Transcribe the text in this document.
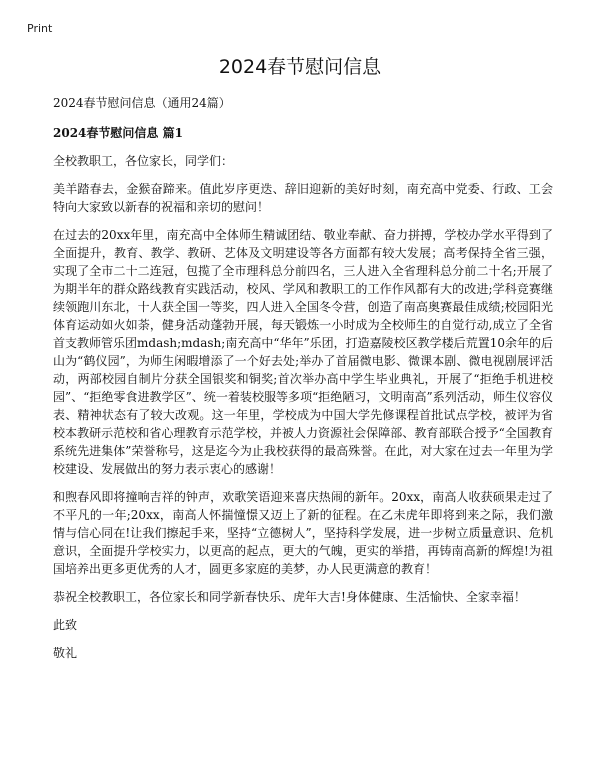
Print
2024春节慰问信息

2024春节慰问信息（通用24篇）

2024春节慰问信息 篇1

全校教职工，各位家长，同学们：

美羊踏春去，金猴奋蹄来。值此岁序更迭、辞旧迎新的美好时刻，南充高中党委、行政、工会特向大家致以新春的祝福和亲切的慰问！

在过去的20xx年里，南充高中全体师生精诚团结、敬业奉献、奋力拼搏，学校办学水平得到了全面提升，教育、教学、教研、艺体及文明建设等各方面都有较大发展；高考保持全省三强，实现了全市二十二连冠，包揽了全市理科总分前四名，三人进入全省理科总分前二十名;开展了为期半年的群众路线教育实践活动，校风、学风和教职工的工作作风都有大的改进;学科竞赛继续领跑川东北，十人获全国一等奖，四人进入全国冬令营，创造了南高奥赛最佳成绩;校园阳光体育运动如火如荼，健身活动蓬勃开展，每天锻炼一小时成为全校师生的自觉行动,成立了全省首支教师管乐团mdash;mdash;南充高中“华年”乐团，打造嘉陵校区教学楼后荒置10余年的后山为“鹤仪园”，为师生闲暇增添了一个好去处;举办了首届微电影、微课本剧、微电视剧展评活动，两部校园自制片分获全国银奖和铜奖;首次举办高中学生毕业典礼，开展了“拒绝手机进校园”、“拒绝零食进教学区”、统一着装校服等多项“拒绝陋习，文明南高”系列活动，师生仪容仪表、精神状态有了较大改观。这一年里，学校成为中国大学先修课程首批试点学校，被评为省校本教研示范校和省心理教育示范学校，并被人力资源社会保障部、教育部联合授予“全国教育系统先进集体”荣誉称号，这是迄今为止我校获得的最高殊誉。在此，对大家在过去一年里为学校建设、发展做出的努力表示衷心的感谢！

和煦春风即将撞响吉祥的钟声，欢歌笑语迎来喜庆热闹的新年。20xx，南高人收获硕果走过了不平凡的一年;20xx，南高人怀揣憧憬又迈上了新的征程。在乙未虎年即将到来之际，我们激情与信心同在!让我们擦起手来，坚持“立德树人”，坚持科学发展，进一步树立质量意识、危机意识，全面提升学校实力，以更高的起点，更大的气魄，更实的举措，再铸南高新的辉煌!为祖国培养出更多更优秀的人才，圆更多家庭的美梦，办人民更满意的教育！

恭祝全校教职工，各位家长和同学新春快乐、虎年大吉!身体健康、生活愉快、全家幸福！

此致

敬礼
